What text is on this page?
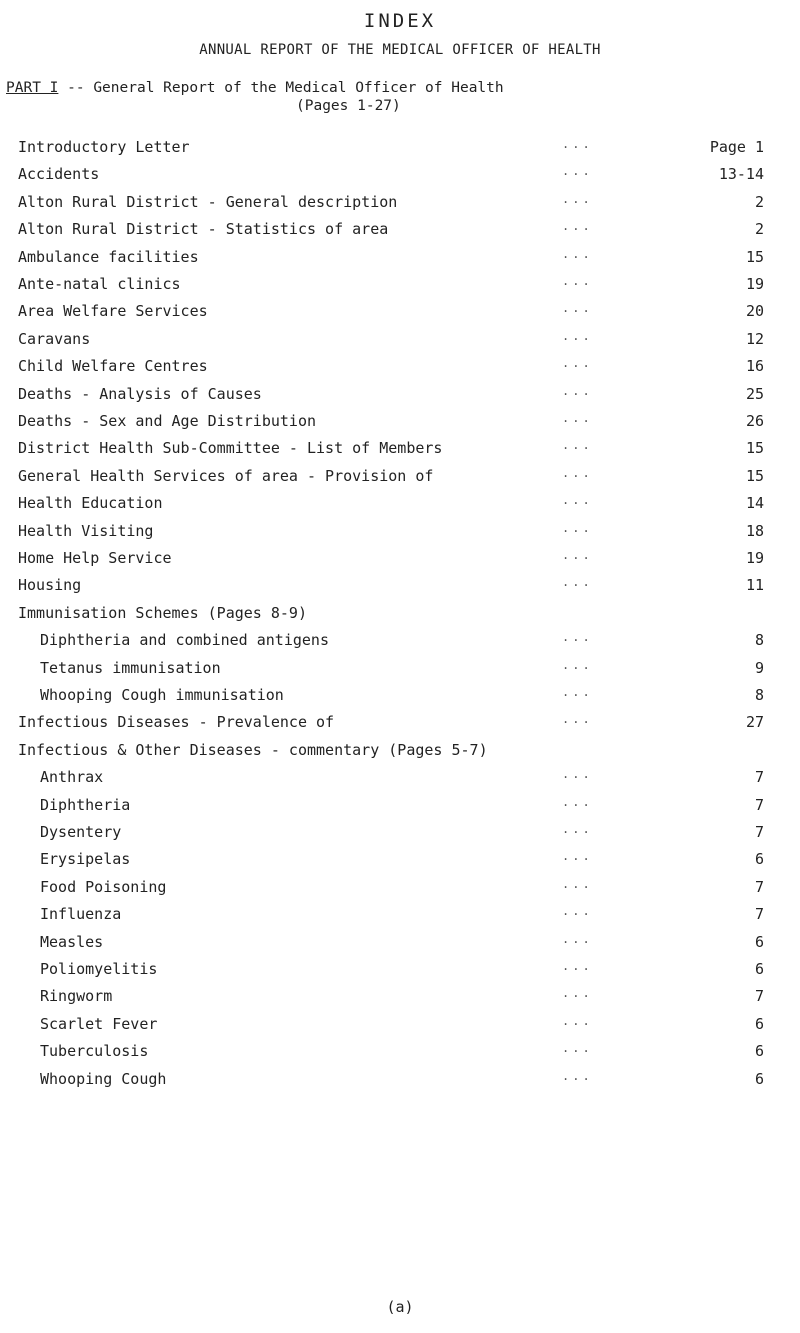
INDEX
ANNUAL REPORT OF THE MEDICAL OFFICER OF HEALTH
PART I -- General Report of the Medical Officer of Health
(Pages 1-27)
Introductory Letter	...	Page 1
Accidents	...	13-14
Alton Rural District - General description	...	2
Alton Rural District - Statistics of area	...	2
Ambulance facilities	...	15
Ante-natal clinics	...	19
Area Welfare Services	...	20
Caravans	...	12
Child Welfare Centres	...	16
Deaths - Analysis of Causes	...	25
Deaths - Sex and Age Distribution	...	26
District Health Sub-Committee - List of Members	...	15
General Health Services of area - Provision of	...	15
Health Education	...	14
Health Visiting	...	18
Home Help Service	...	19
Housing	...	11
Immunisation Schemes (Pages 8-9)
Diphtheria and combined antigens	...	8
Tetanus immunisation	...	9
Whooping Cough immunisation	...	8
Infectious Diseases - Prevalence of	...	27
Infectious & Other Diseases - commentary (Pages 5-7)
Anthrax	...	7
Diphtheria	...	7
Dysentery	...	7
Erysipelas	...	6
Food Poisoning	...	7
Influenza	...	7
Measles	...	6
Poliomyelitis	...	6
Ringworm	...	7
Scarlet Fever	...	6
Tuberculosis	...	6
Whooping Cough	...	6
(a)
